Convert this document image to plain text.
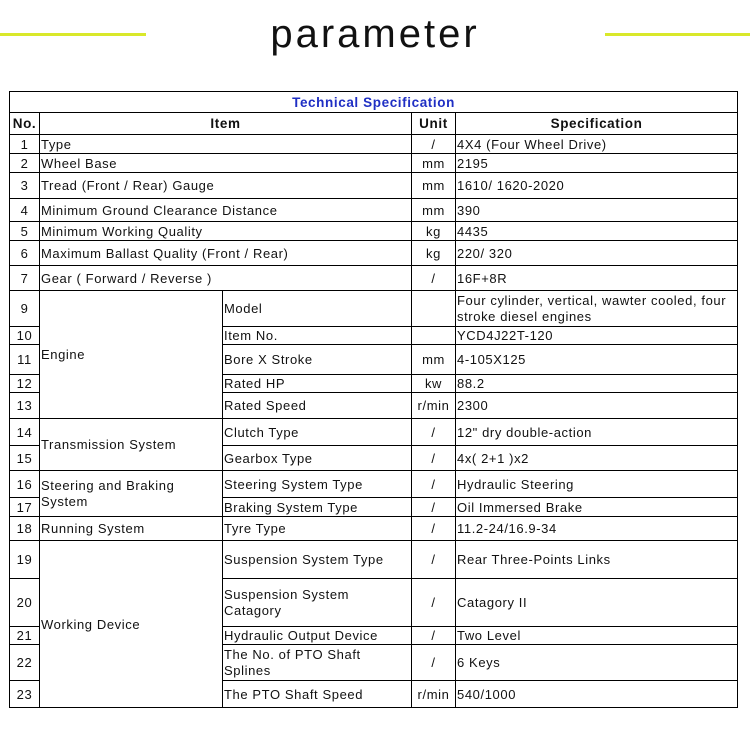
parameter
Technical Specification				
No.	Item		Unit	Specification
1	Type		/	4X4 (Four Wheel Drive)
2	Wheel Base		mm	2195
3	Tread (Front / Rear) Gauge		mm	1610/ 1620-2020
4	Minimum Ground Clearance Distance		mm	390
5	Minimum Working Quality		kg	4435
6	Maximum Ballast Quality (Front / Rear)		kg	220/ 320
7	Gear ( Forward / Reverse )		/	16F+8R
9	Engine	Model		Four cylinder, vertical, wawter cooled, four stroke diesel engines
10		Item No.		YCD4J22T-120
11		Bore X Stroke	mm	4-105X125
12		Rated HP	kw	88.2
13		Rated Speed	r/min	2300
14	Transmission System	Clutch Type	/	12" dry double-action
15		Gearbox Type	/	4x( 2+1 )x2
16	Steering and Braking System	Steering System Type	/	Hydraulic Steering
17		Braking System Type	/	Oil Immersed Brake
18	Running System	Tyre Type	/	11.2-24/16.9-34
19	Working Device	Suspension System Type	/	Rear Three-Points Links
20		Suspension System Catagory	/	Catagory II
21		Hydraulic Output Device	/	Two Level
22		The No. of PTO Shaft Splines	/	6 Keys
23		The PTO Shaft Speed	r/min	540/1000
